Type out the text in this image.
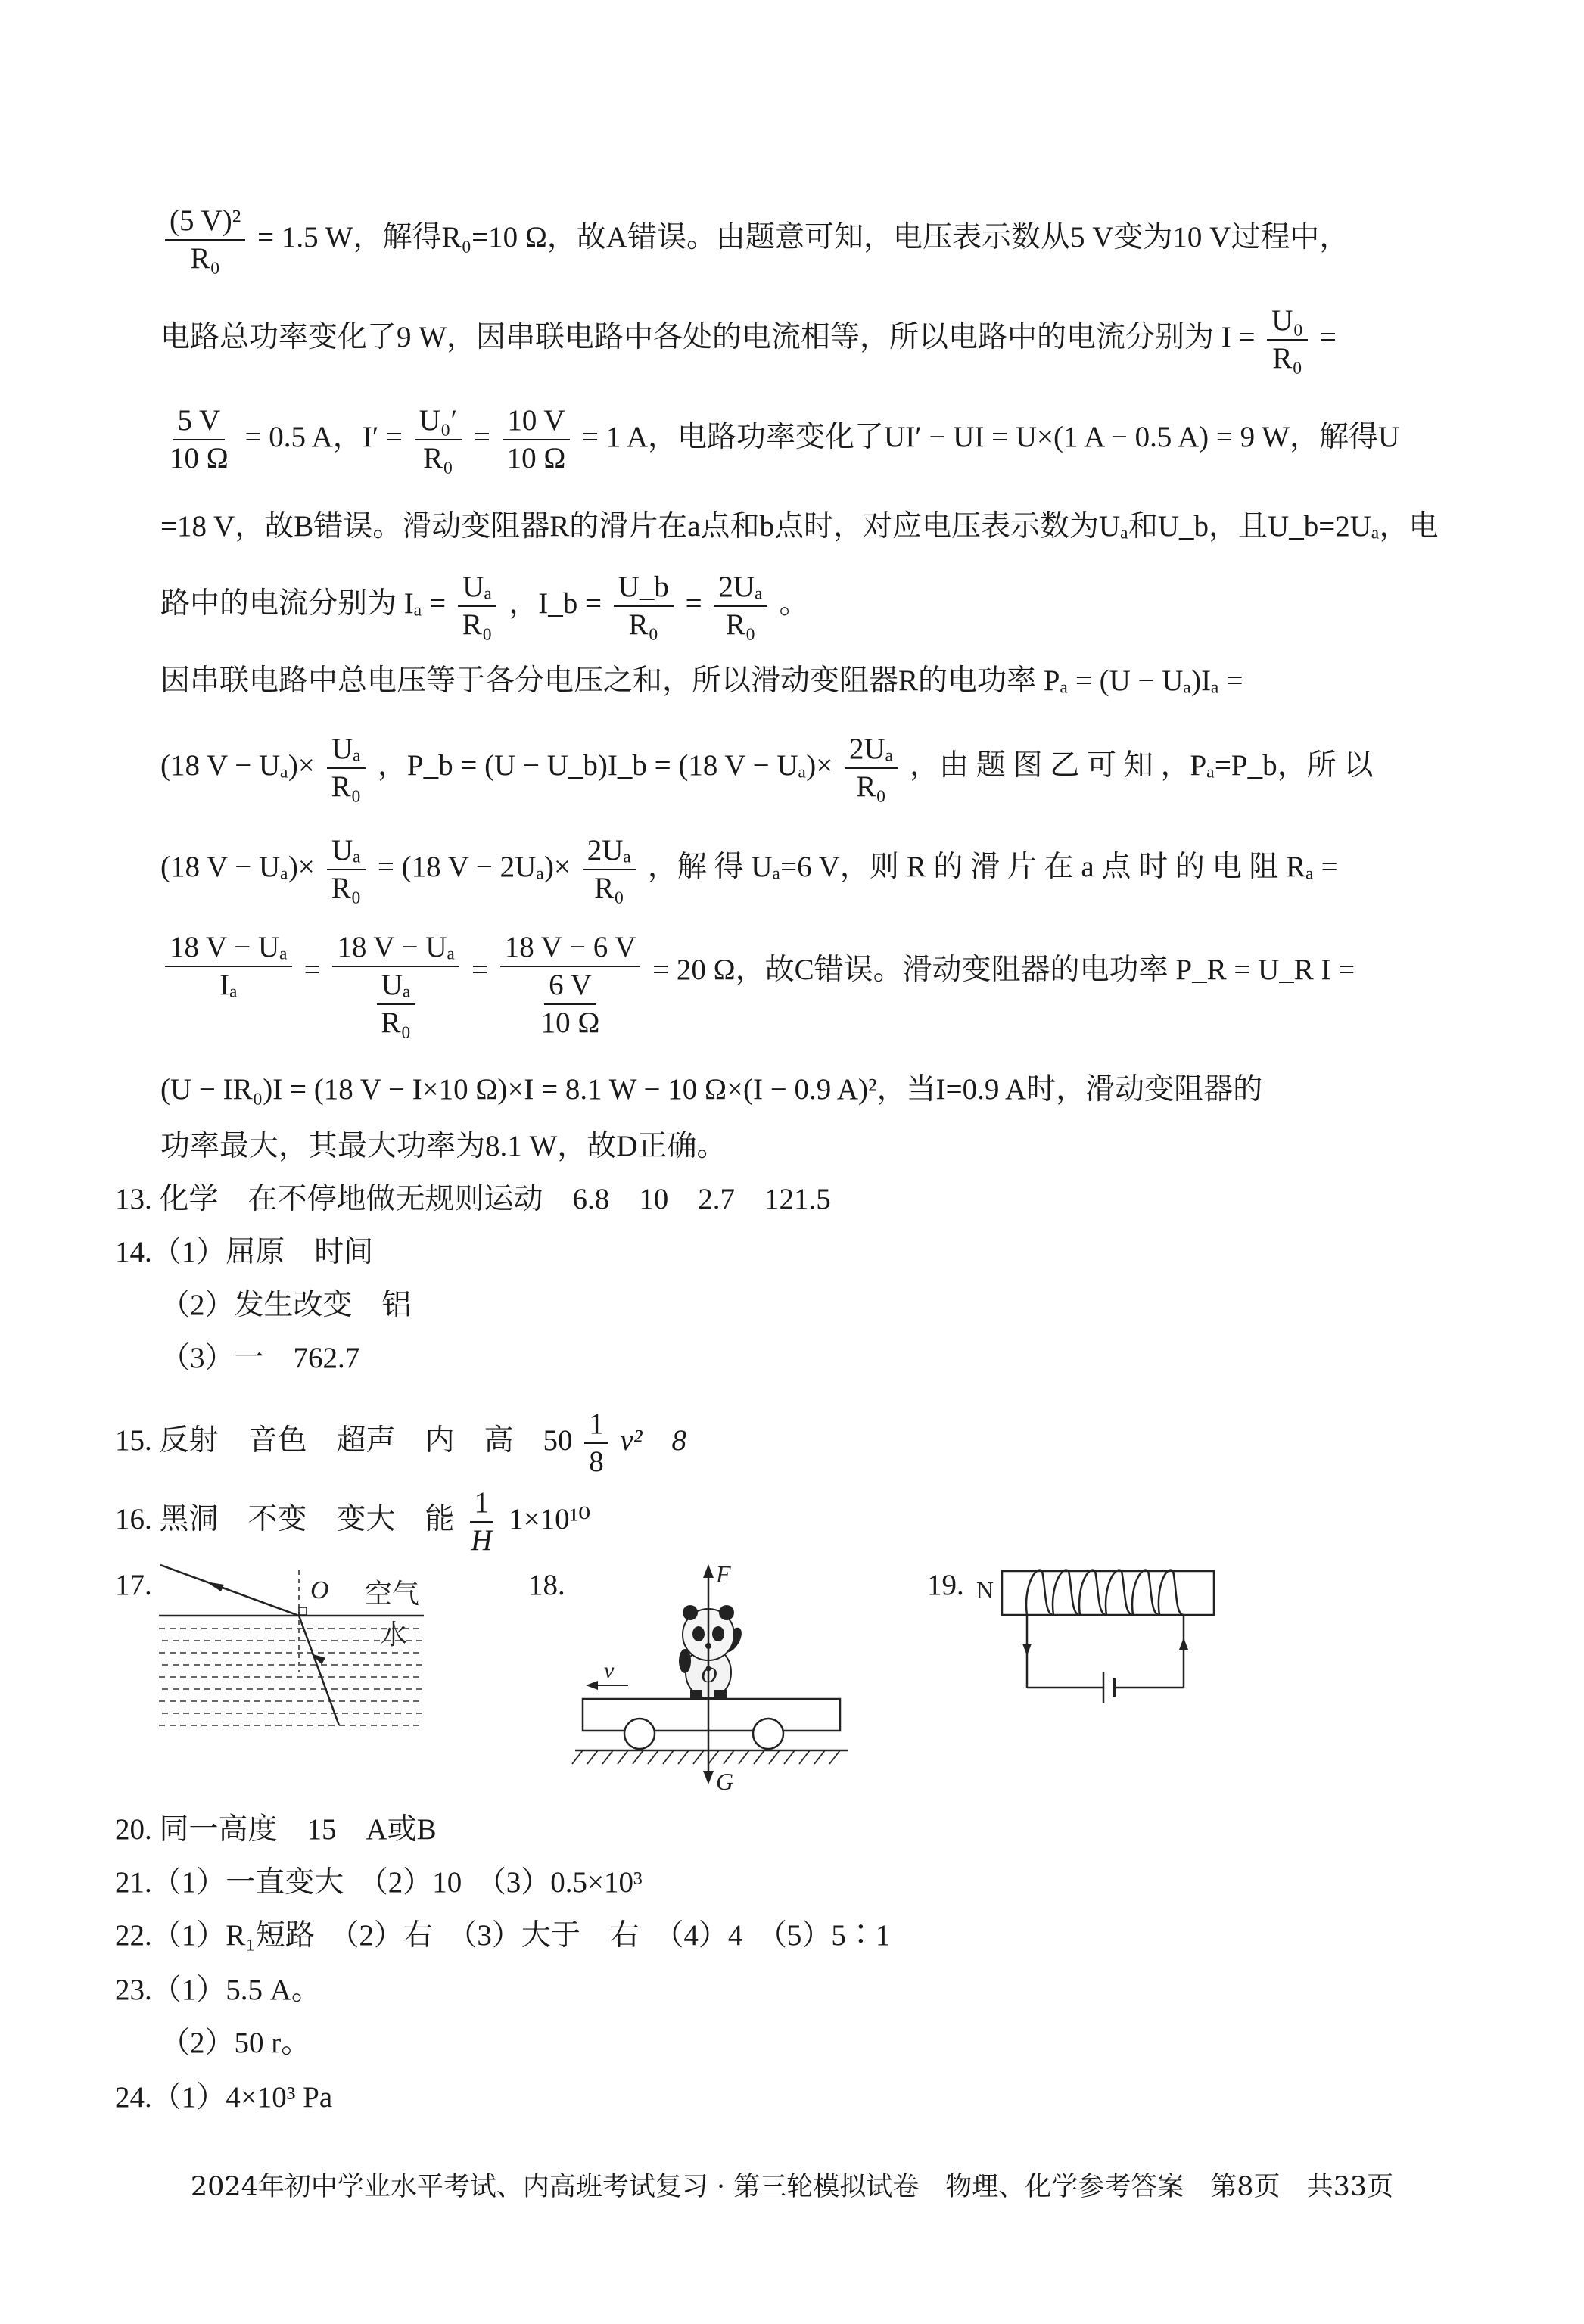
$\frac{\text{(5 V)²}}{\text{R₀}} = 1.5$ W，解得R₀=10 Ω，故A错误。由题意可知，电压表示数从5 V变为10 V过程中，
电路总功率变化了9 W，因串联电路中各处的电流相等，所以电路中的电流分别为 $I = \frac{\text{U₀}}{\text{R₀}}$ =
$\frac{5 V}{10 \Omega} = 0.5$ A，$I' = \frac{\text{U₀′}}{\text{R₀}} = \frac{10 V}{10 \Omega} = 1$ A，电路功率变化了UI′ − UI = U×(1 A − 0.5 A) = 9 W，解得U
=18 V，故B错误。滑动变阻器R的滑片在a点和b点时，对应电压表示数为Uₐ和U_b，且U_b=2Uₐ，电
路中的电流分别为 $I_a = \frac{\text{Uₐ}}{\text{R₀}}$ ，I_b = $\frac{U\_b}{\text{R₀}} = \frac{\text{2Uₐ}}{\text{R₀}}$ 。
因串联电路中总电压等于各分电压之和，所以滑动变阻器R的电功率 Pₐ = (U − Uₐ)Iₐ =
(18 $V - U_a)\times \frac{\text{Uₐ}}{\text{R₀}}$ ，P_b = (U − U_b)I_b = (18 $V - U_a)\times \frac{\text{2Uₐ}}{\text{R₀}}$ ，由 题 图 乙 可 知 ，Pₐ=P_b，所 以
(18 $V - U_a)\times \frac{\text{Uₐ}}{\text{R₀}} = (18$ $V - 2U_a)\times \frac{\text{2Uₐ}}{\text{R₀}}$ ，解 得 Uₐ=6 V，则 R 的 滑 片 在 a 点 时 的 电 阻 Rₐ =
$\frac{\text{18 V − Uₐ}}{\text{Iₐ}} = \frac{\text{18 V − Uₐ}}{\frac{\text{Uₐ}}{\text{R₀}}} = \frac{18 V - 6 V}{\frac{6 V}{10 \Omega}} = 20$ Ω，故C错误。滑动变阻器的电功率 P_R = U_R I =
(U − IR₀)I = (18 V − I×10 Ω)×I = 8.1 W − 10 Ω×(I − 0.9 A)²，当I=0.9 A时，滑动变阻器的
功率最大，其最大功率为8.1 W，故D正确。
13. 化学　在不停地做无规则运动　6.8　10　2.7　121.5
14.（1）屈原　时间
（2）发生改变　铝
（3）一　762.7
15. 反射　音色　超声　内　高　$50 \frac{1}{8} v^2$　8
16. 黑洞　不变　变大　能 $\frac{1}{H} 1\times 10^{10}$
17.	O 空气
水
18.	F
O
v
G
19. N
20. 同一高度　15　A或B
21.（1）一直变大　（2）10　（3）0.5×10³
22.（1）R₁短路　（2）右　（3）大于　右　（4）4　（5）5∶1
23.（1）5.5 A。
（2）50 r。
24.（1）4×10³ Pa
2024年初中学业水平考试、内高班考试复习 · 第三轮模拟试卷　物理、化学参考答案　第8页　共33页
